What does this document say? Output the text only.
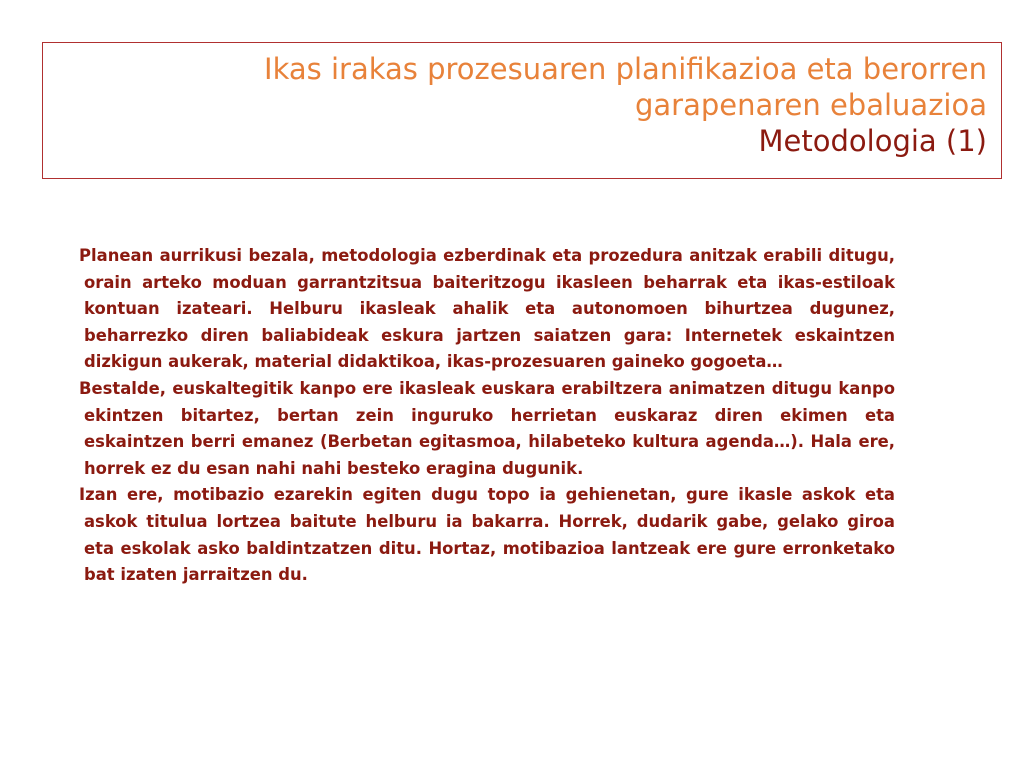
Ikas irakas prozesuaren planifikazioa eta berorren
garapenaren ebaluazioa
Metodologia (1)

Planean aurrikusi bezala, metodologia ezberdinak eta prozedura anitzak erabili ditugu, orain arteko moduan garrantzitsua baiteritzogu ikasleen beharrak eta ikas-estiloak kontuan izateari. Helburu ikasleak ahalik eta autonomoen bihurtzea dugunez, beharrezko diren baliabideak eskura jartzen saiatzen gara: Internetek eskaintzen dizkigun aukerak, material didaktikoa, ikas-prozesuaren gaineko gogoeta…

Bestalde, euskaltegitik kanpo ere ikasleak euskara erabiltzera animatzen ditugu kanpo ekintzen bitartez, bertan zein inguruko herrietan euskaraz diren ekimen eta eskaintzen berri emanez (Berbetan egitasmoa, hilabeteko kultura agenda…). Hala ere, horrek ez du esan nahi nahi besteko eragina dugunik.

Izan ere, motibazio ezarekin egiten dugu topo ia gehienetan, gure ikasle askok eta askok titulua lortzea baitute helburu ia bakarra. Horrek, dudarik gabe, gelako giroa eta eskolak asko baldintzatzen ditu. Hortaz, motibazioa lantzeak ere gure erronketako bat izaten jarraitzen du.
